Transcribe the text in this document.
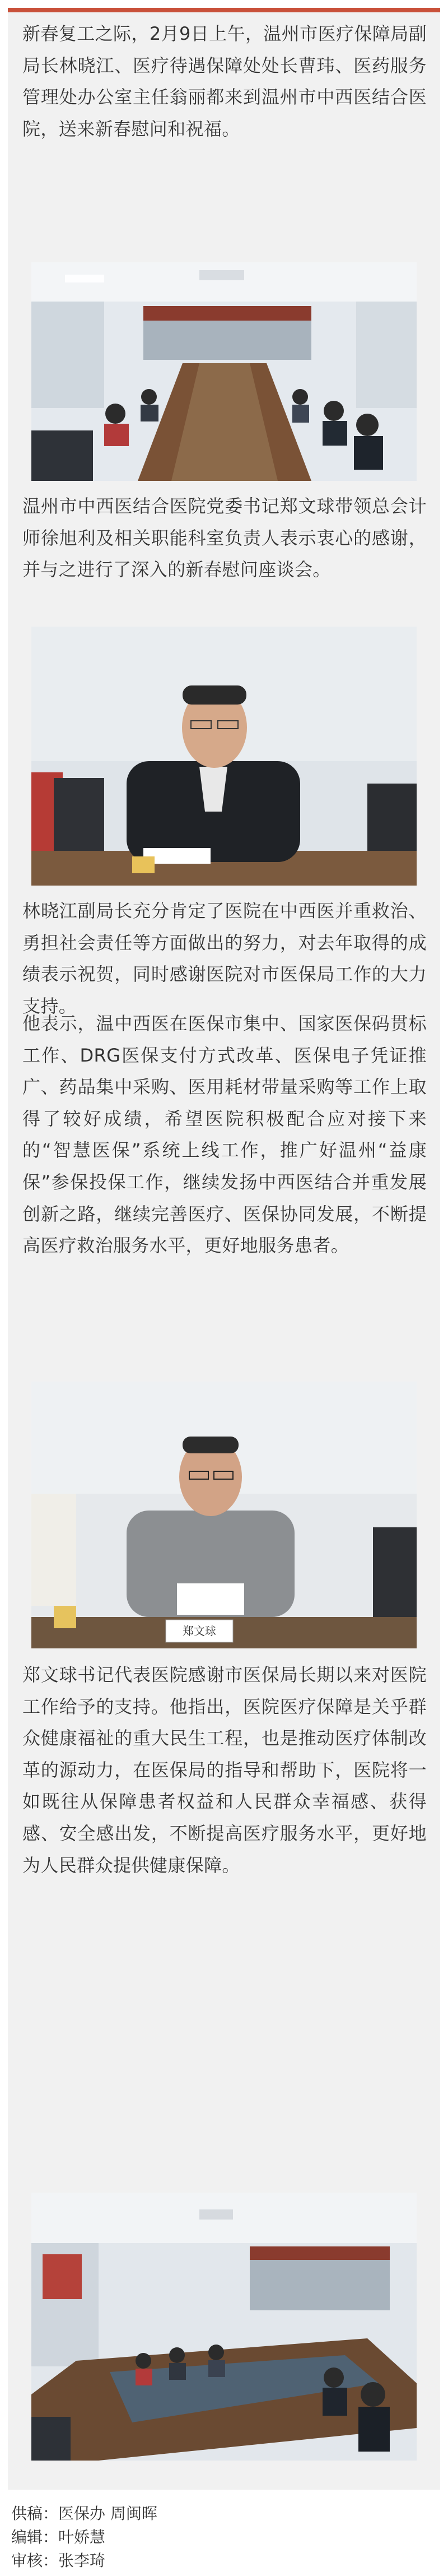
新春复工之际，2月9日上午，温州市医疗保障局副局长林晓江、医疗待遇保障处处长曹玮、医药服务管理处办公室主任翁丽都来到温州市中西医结合医院，送来新春慰问和祝福。

温州市中西医结合医院党委书记郑文球带领总会计师徐旭利及相关职能科室负责人表示衷心的感谢，并与之进行了深入的新春慰问座谈会。

林晓江副局长充分肯定了医院在中西医并重救治、勇担社会责任等方面做出的努力，对去年取得的成绩表示祝贺，同时感谢医院对市医保局工作的大力支持。

他表示，温中西医在医保市集中、国家医保码贯标工作、DRG医保支付方式改革、医保电子凭证推广、药品集中采购、医用耗材带量采购等工作上取得了较好成绩，希望医院积极配合应对接下来的“智慧医保”系统上线工作，推广好温州“益康保”参保投保工作，继续发扬中西医结合并重发展创新之路，继续完善医疗、医保协同发展，不断提高医疗救治服务水平，更好地服务患者。

郑文球

郑文球书记代表医院感谢市医保局长期以来对医院工作给予的支持。他指出，医院医疗保障是关乎群众健康福祉的重大民生工程，也是推动医疗体制改革的源动力，在医保局的指导和帮助下，医院将一如既往从保障患者权益和人民群众幸福感、获得感、安全感出发，不断提高医疗服务水平，更好地为人民群众提供健康保障。

供稿：医保办 周闽晖
编辑：叶娇慧
审核：张李琦
